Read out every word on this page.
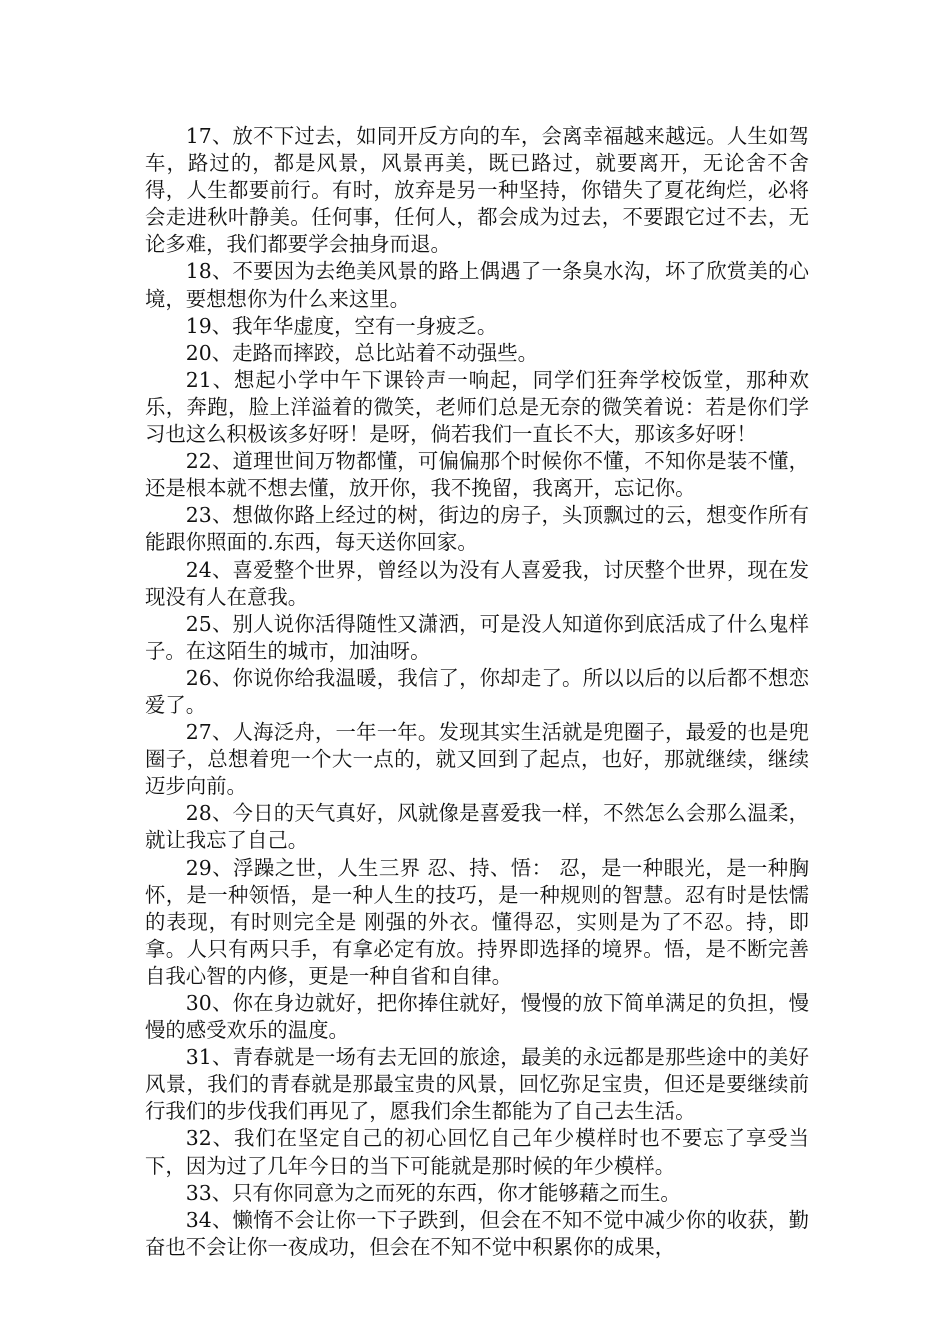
17、放不下过去，如同开反方向的车，会离幸福越来越远。人生如驾车，路过的，都是风景，风景再美，既已路过，就要离开，无论舍不舍得，人生都要前行。有时，放弃是另一种坚持，你错失了夏花绚烂，必将会走进秋叶静美。任何事，任何人，都会成为过去，不要跟它过不去，无论多难，我们都要学会抽身而退。

18、不要因为去绝美风景的路上偶遇了一条臭水沟，坏了欣赏美的心境，要想想你为什么来这里。

19、我年华虚度，空有一身疲乏。

20、走路而摔跤，总比站着不动强些。

21、想起小学中午下课铃声一响起，同学们狂奔学校饭堂，那种欢乐，奔跑，脸上洋溢着的微笑，老师们总是无奈的微笑着说：若是你们学习也这么积极该多好呀！是呀，倘若我们一直长不大，那该多好呀！

22、道理世间万物都懂，可偏偏那个时候你不懂，不知你是装不懂，还是根本就不想去懂，放开你，我不挽留，我离开，忘记你。

23、想做你路上经过的树，街边的房子，头顶飘过的云，想变作所有能跟你照面的.东西，每天送你回家。

24、喜爱整个世界，曾经以为没有人喜爱我，讨厌整个世界，现在发现没有人在意我。

25、别人说你活得随性又潇洒，可是没人知道你到底活成了什么鬼样子。在这陌生的城市，加油呀。

26、你说你给我温暖，我信了，你却走了。所以以后的以后都不想恋爱了。

27、人海泛舟，一年一年。发现其实生活就是兜圈子，最爱的也是兜圈子，总想着兜一个大一点的，就又回到了起点，也好，那就继续，继续迈步向前。

28、今日的天气真好，风就像是喜爱我一样，不然怎么会那么温柔，就让我忘了自己。

29、浮躁之世，人生三界 忍、持、悟： 忍，是一种眼光，是一种胸怀，是一种领悟，是一种人生的技巧，是一种规则的智慧。忍有时是怯懦的表现，有时则完全是 刚强的外衣。懂得忍，实则是为了不忍。持，即拿。人只有两只手，有拿必定有放。持界即选择的境界。悟，是不断完善自我心智的内修，更是一种自省和自律。

30、你在身边就好，把你捧住就好，慢慢的放下简单满足的负担，慢慢的感受欢乐的温度。

31、青春就是一场有去无回的旅途，最美的永远都是那些途中的美好风景，我们的青春就是那最宝贵的风景，回忆弥足宝贵，但还是要继续前行我们的步伐我们再见了，愿我们余生都能为了自己去生活。

32、我们在坚定自己的初心回忆自己年少模样时也不要忘了享受当下，因为过了几年今日的当下可能就是那时候的年少模样。

33、只有你同意为之而死的东西，你才能够藉之而生。

34、懒惰不会让你一下子跌到，但会在不知不觉中减少你的收获，勤奋也不会让你一夜成功，但会在不知不觉中积累你的成果，
